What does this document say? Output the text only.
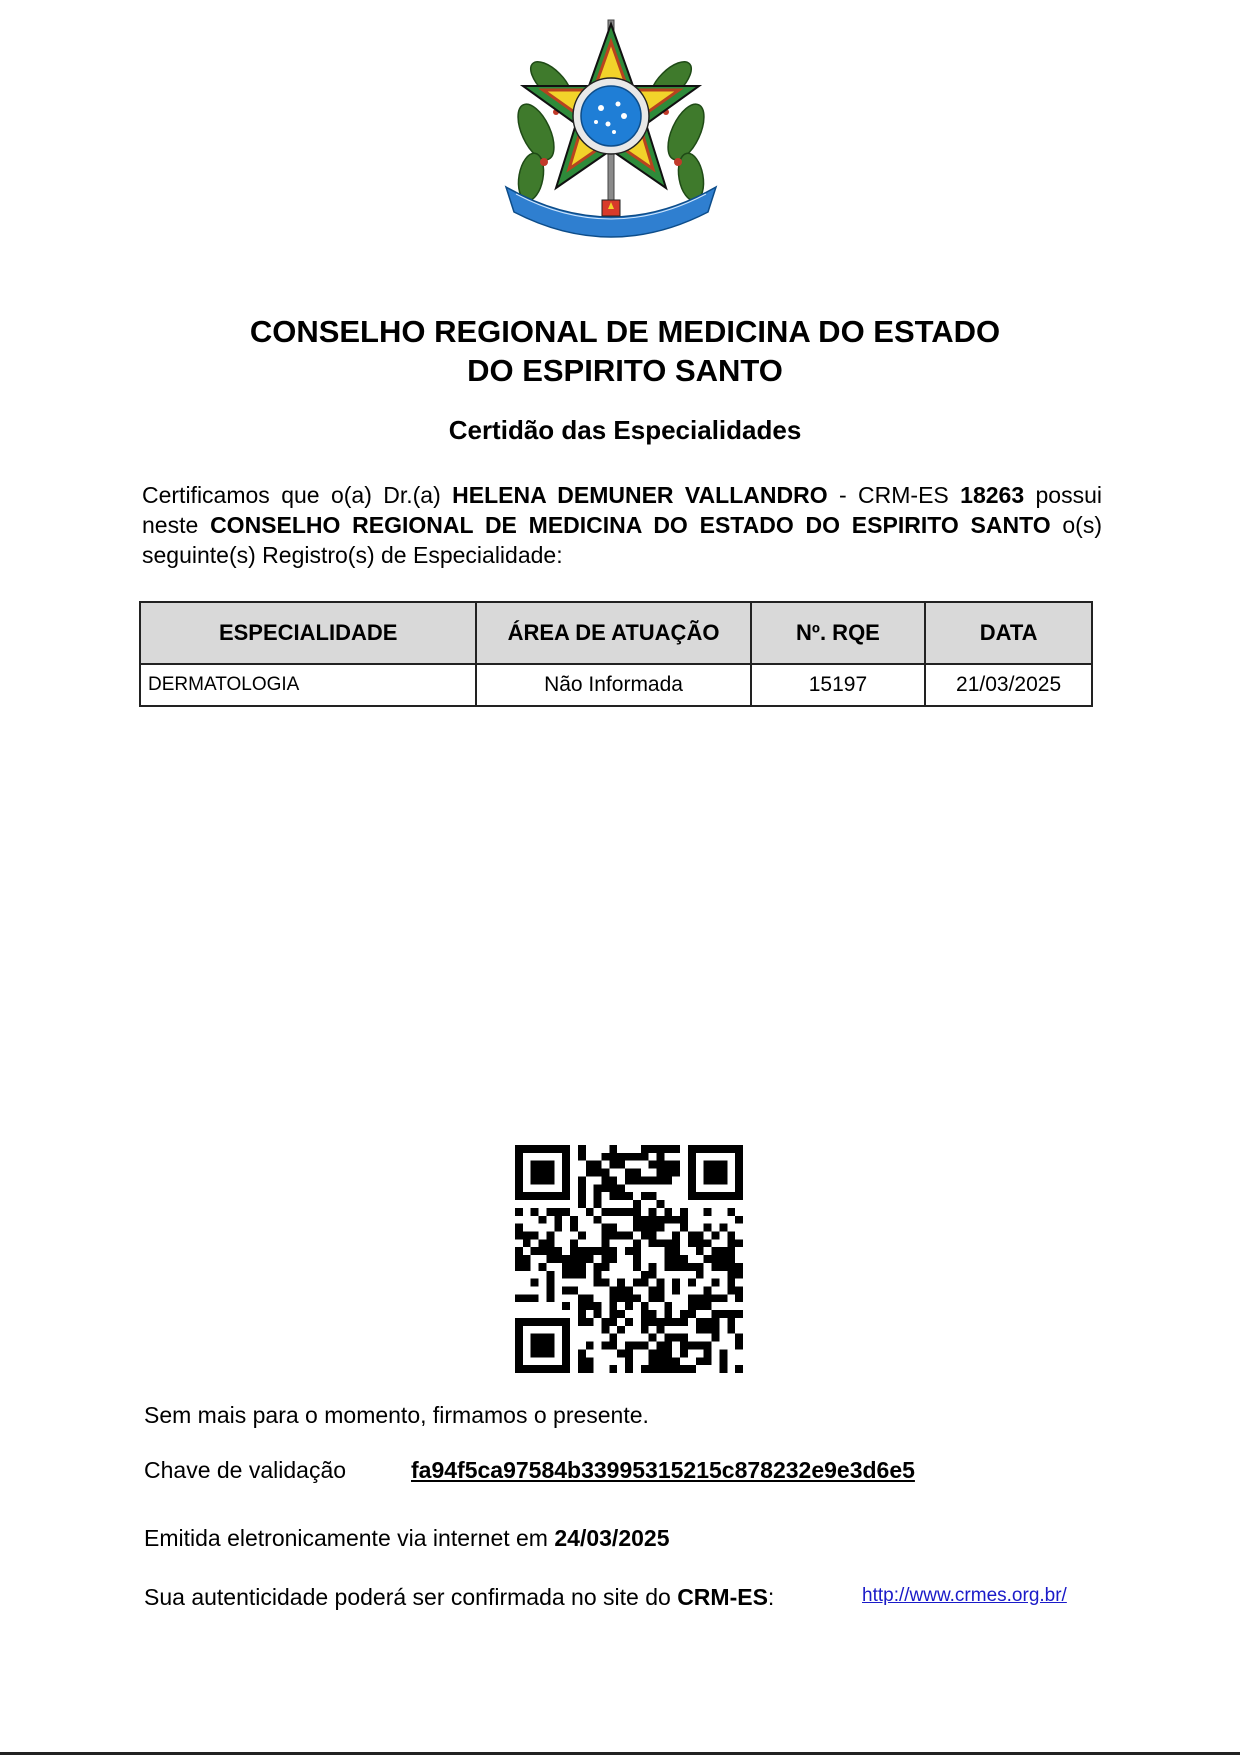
CONSELHO REGIONAL DE MEDICINA DO ESTADO
DO ESPIRITO SANTO
Certidão das Especialidades
Certificamos que o(a) Dr.(a) HELENA DEMUNER VALLANDRO - CRM-ES 18263 possui neste CONSELHO REGIONAL DE MEDICINA DO ESTADO DO ESPIRITO SANTO o(s) seguinte(s) Registro(s) de Especialidade:
ESPECIALIDADE	ÁREA DE ATUAÇÃO	Nº. RQE	DATA
DERMATOLOGIA	Não Informada	15197	21/03/2025
Sem mais para o momento, firmamos o presente.
Chave de validação	fa94f5ca97584b33995315215c878232e9e3d6e5
Emitida eletronicamente via internet em 24/03/2025
Sua autenticidade poderá ser confirmada no site do CRM-ES:	http://www.crmes.org.br/
